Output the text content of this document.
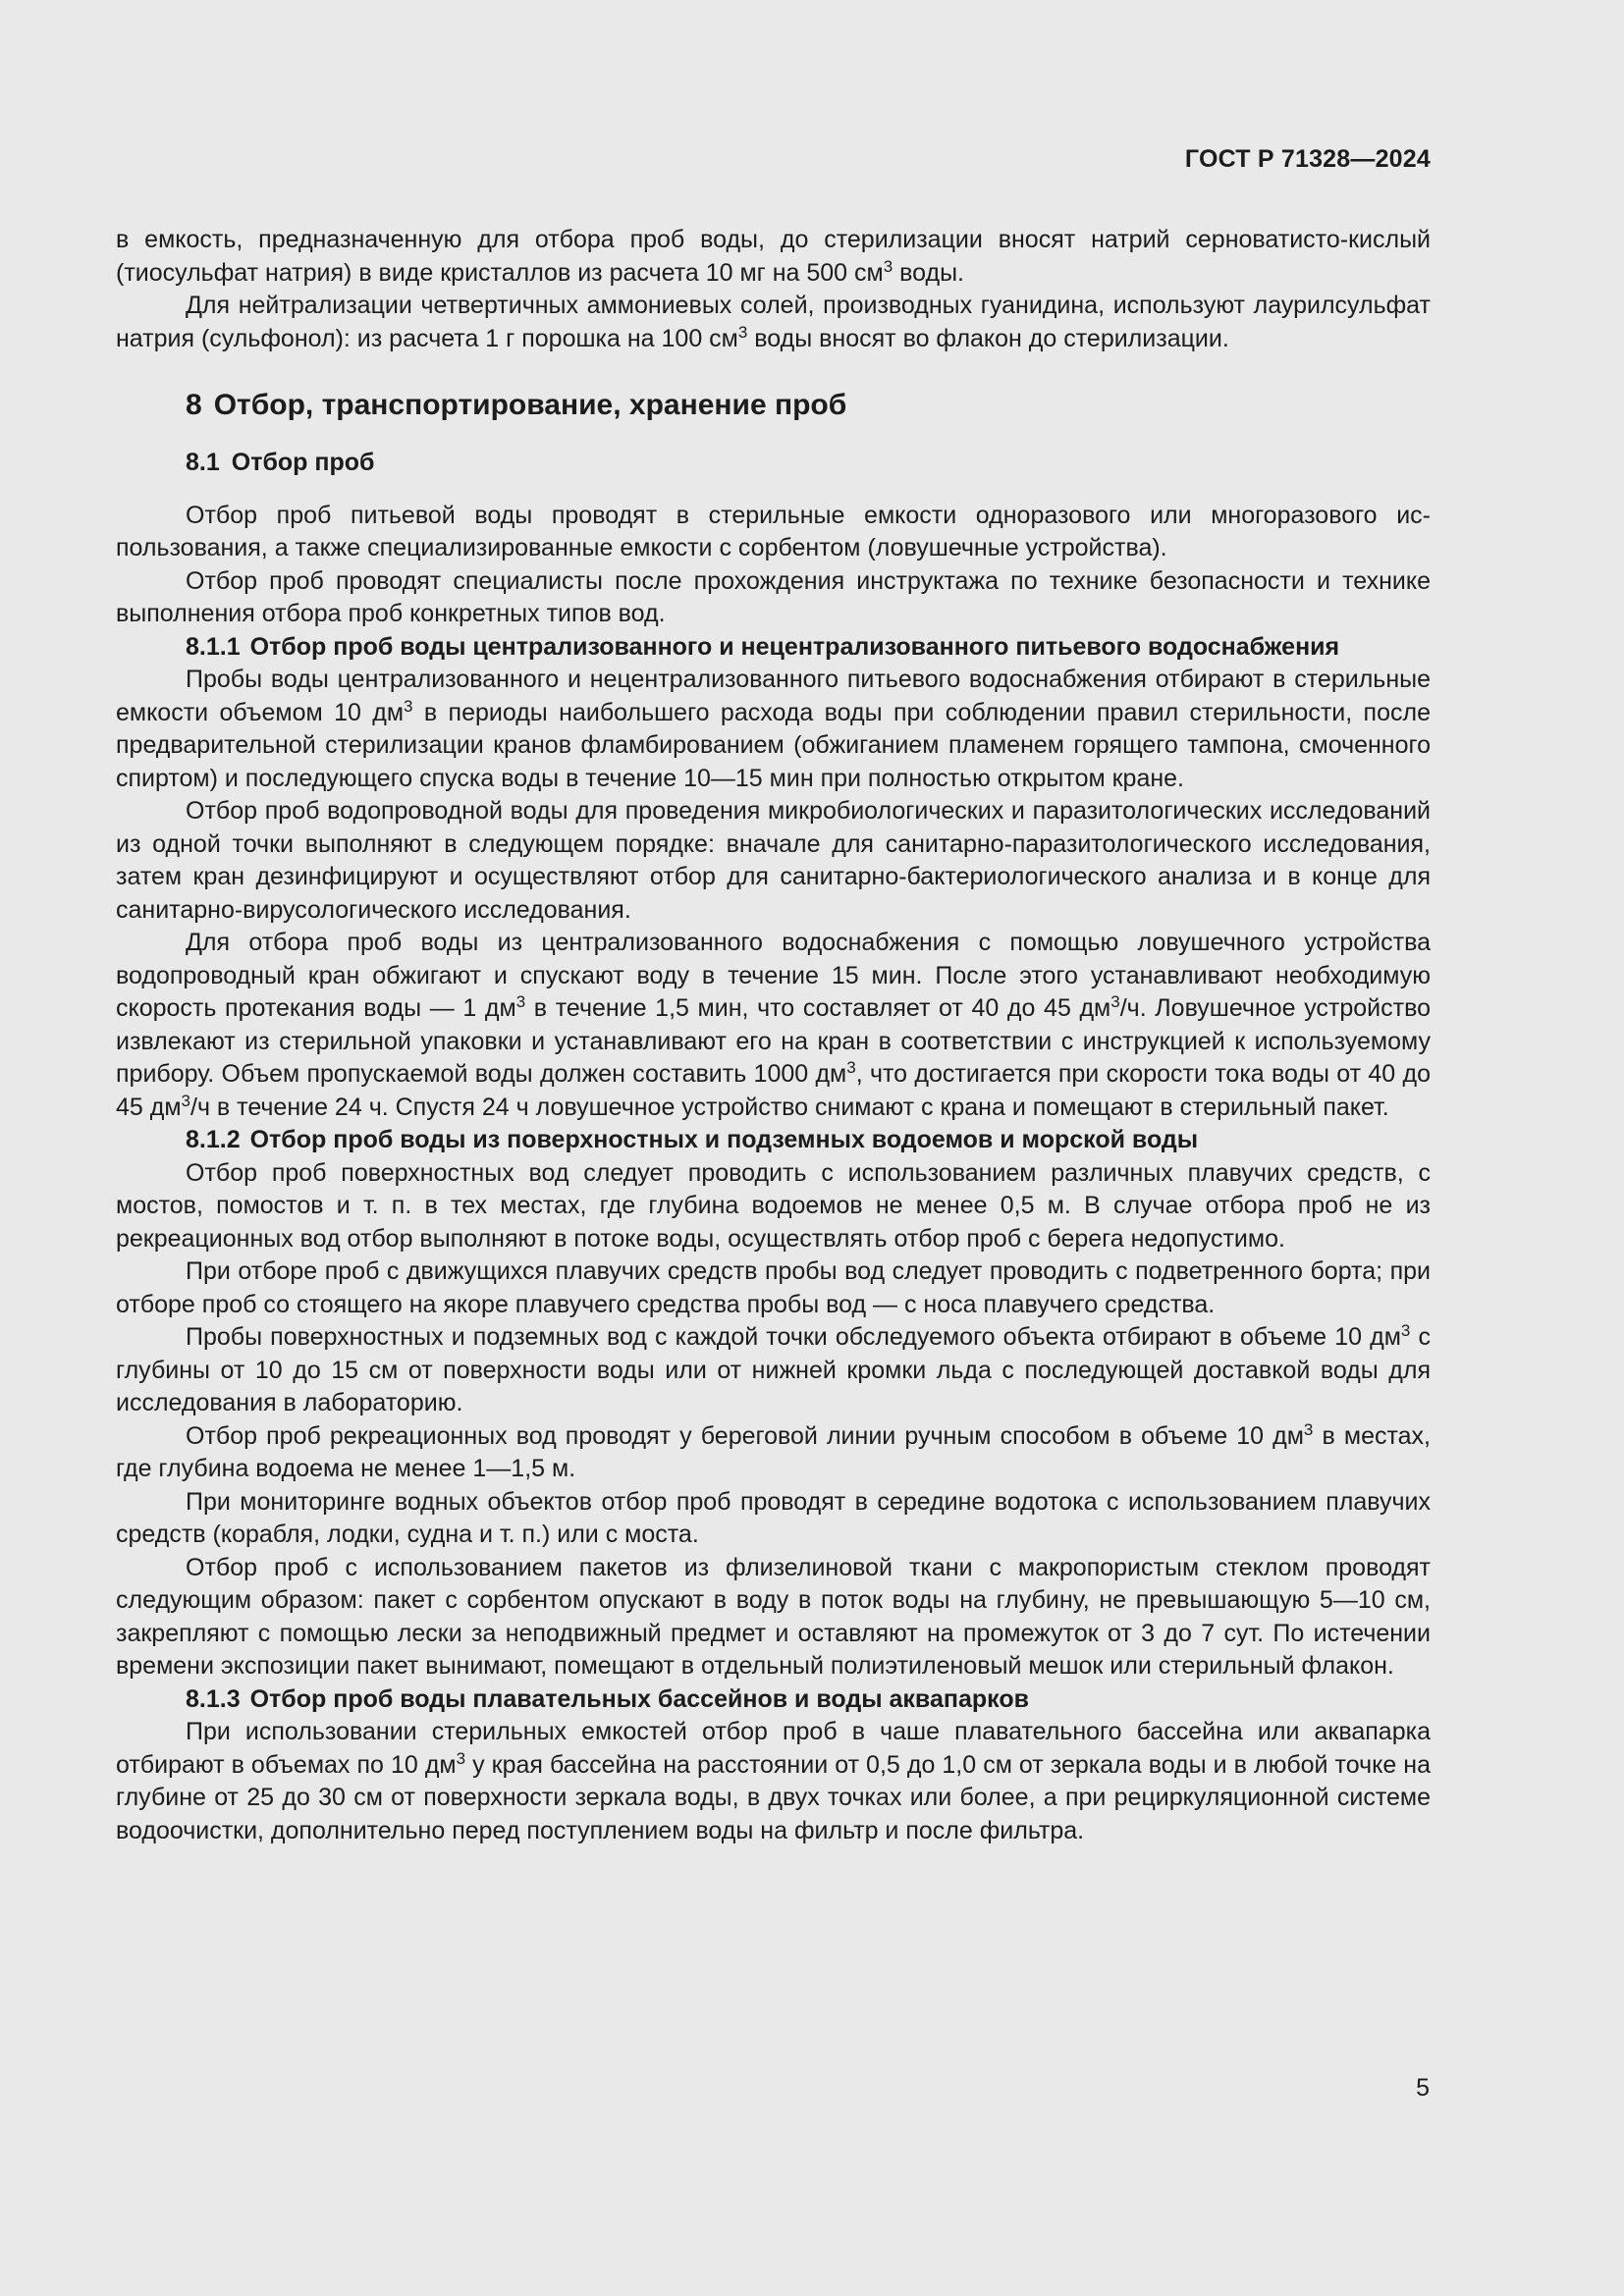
ГОСТ Р 71328—2024

в емкость, предназначенную для отбора проб воды, до стерилизации вносят натрий серноватисто-кислый (тиосульфат натрия) в виде кристаллов из расчета 10 мг на 500 $см^3$ воды.

Для нейтрализации четвертичных аммониевых солей, производных гуанидина, используют лаурилсульфат натрия (сульфонол): из расчета 1 г порошка на 100 $см^3$ воды вносят во флакон до стерилизации.

8 Отбор, транспортирование, хранение проб
8.1 Отбор проб

Отбор проб питьевой воды проводят в стерильные емкости одноразового или многоразового использования, а также специализированные емкости с сорбентом (ловушечные устройства).

Отбор проб проводят специалисты после прохождения инструктажа по технике безопасности и технике выполнения отбора проб конкретных типов вод.

8.1.1 Отбор проб воды централизованного и нецентрализованного питьевого водоснабжения

Пробы воды централизованного и нецентрализованного питьевого водоснабжения отбирают в стерильные емкости объемом 10 $дм^3$ в периоды наибольшего расхода воды при соблюдении правил стерильности, после предварительной стерилизации кранов фламбированием (обжиганием пламенем горящего тампона, смоченного спиртом) и последующего спуска воды в течение 10—15 мин при полностью открытом кране.

Отбор проб водопроводной воды для проведения микробиологических и паразитологических исследований из одной точки выполняют в следующем порядке: вначале для санитарно-паразитологического исследования, затем кран дезинфицируют и осуществляют отбор для санитарно-бактериологического анализа и в конце для санитарно-вирусологического исследования.

Для отбора проб воды из централизованного водоснабжения с помощью ловушечного устройства водопроводный кран обжигают и спускают воду в течение 15 мин. После этого устанавливают необходимую скорость протекания воды — 1 $дм^3$ в течение 1,5 мин, что составляет от 40 до 45 $дм^3/ч$. Ловушечное устройство извлекают из стерильной упаковки и устанавливают его на кран в соответствии с инструкцией к используемому прибору. Объем пропускаемой воды должен составить 1000 $дм^3$, что достигается при скорости тока воды от 40 до 45 $дм^3/ч$ в течение 24 ч. Спустя 24 ч ловушечное устройство снимают с крана и помещают в стерильный пакет.

8.1.2 Отбор проб воды из поверхностных и подземных водоемов и морской воды

Отбор проб поверхностных вод следует проводить с использованием различных плавучих средств, с мостов, помостов и т. п. в тех местах, где глубина водоемов не менее 0,5 м. В случае отбора проб не из рекреационных вод отбор выполняют в потоке воды, осуществлять отбор проб с берега недопустимо.

При отборе проб с движущихся плавучих средств пробы вод следует проводить с подветренного борта; при отборе проб со стоящего на якоре плавучего средства пробы вод — с носа плавучего средства.

Пробы поверхностных и подземных вод с каждой точки обследуемого объекта отбирают в объеме 10 $дм^3$ с глубины от 10 до 15 см от поверхности воды или от нижней кромки льда с последующей доставкой воды для исследования в лабораторию.

Отбор проб рекреационных вод проводят у береговой линии ручным способом в объеме 10 $дм^3$ в местах, где глубина водоема не менее 1—1,5 м.

При мониторинге водных объектов отбор проб проводят в середине водотока с использованием плавучих средств (корабля, лодки, судна и т. п.) или с моста.

Отбор проб с использованием пакетов из флизелиновой ткани с макропористым стеклом проводят следующим образом: пакет с сорбентом опускают в воду в поток воды на глубину, не превышающую 5—10 см, закрепляют с помощью лески за неподвижный предмет и оставляют на промежуток от 3 до 7 сут. По истечении времени экспозиции пакет вынимают, помещают в отдельный полиэтиленовый мешок или стерильный флакон.

8.1.3 Отбор проб воды плавательных бассейнов и воды аквапарков

При использовании стерильных емкостей отбор проб в чаше плавательного бассейна или аквапарка отбирают в объемах по 10 $дм^3$ у края бассейна на расстоянии от 0,5 до 1,0 см от зеркала воды и в любой точке на глубине от 25 до 30 см от поверхности зеркала воды, в двух точках или более, а при рециркуляционной системе водоочистки, дополнительно перед поступлением воды на фильтр и после фильтра.

5
